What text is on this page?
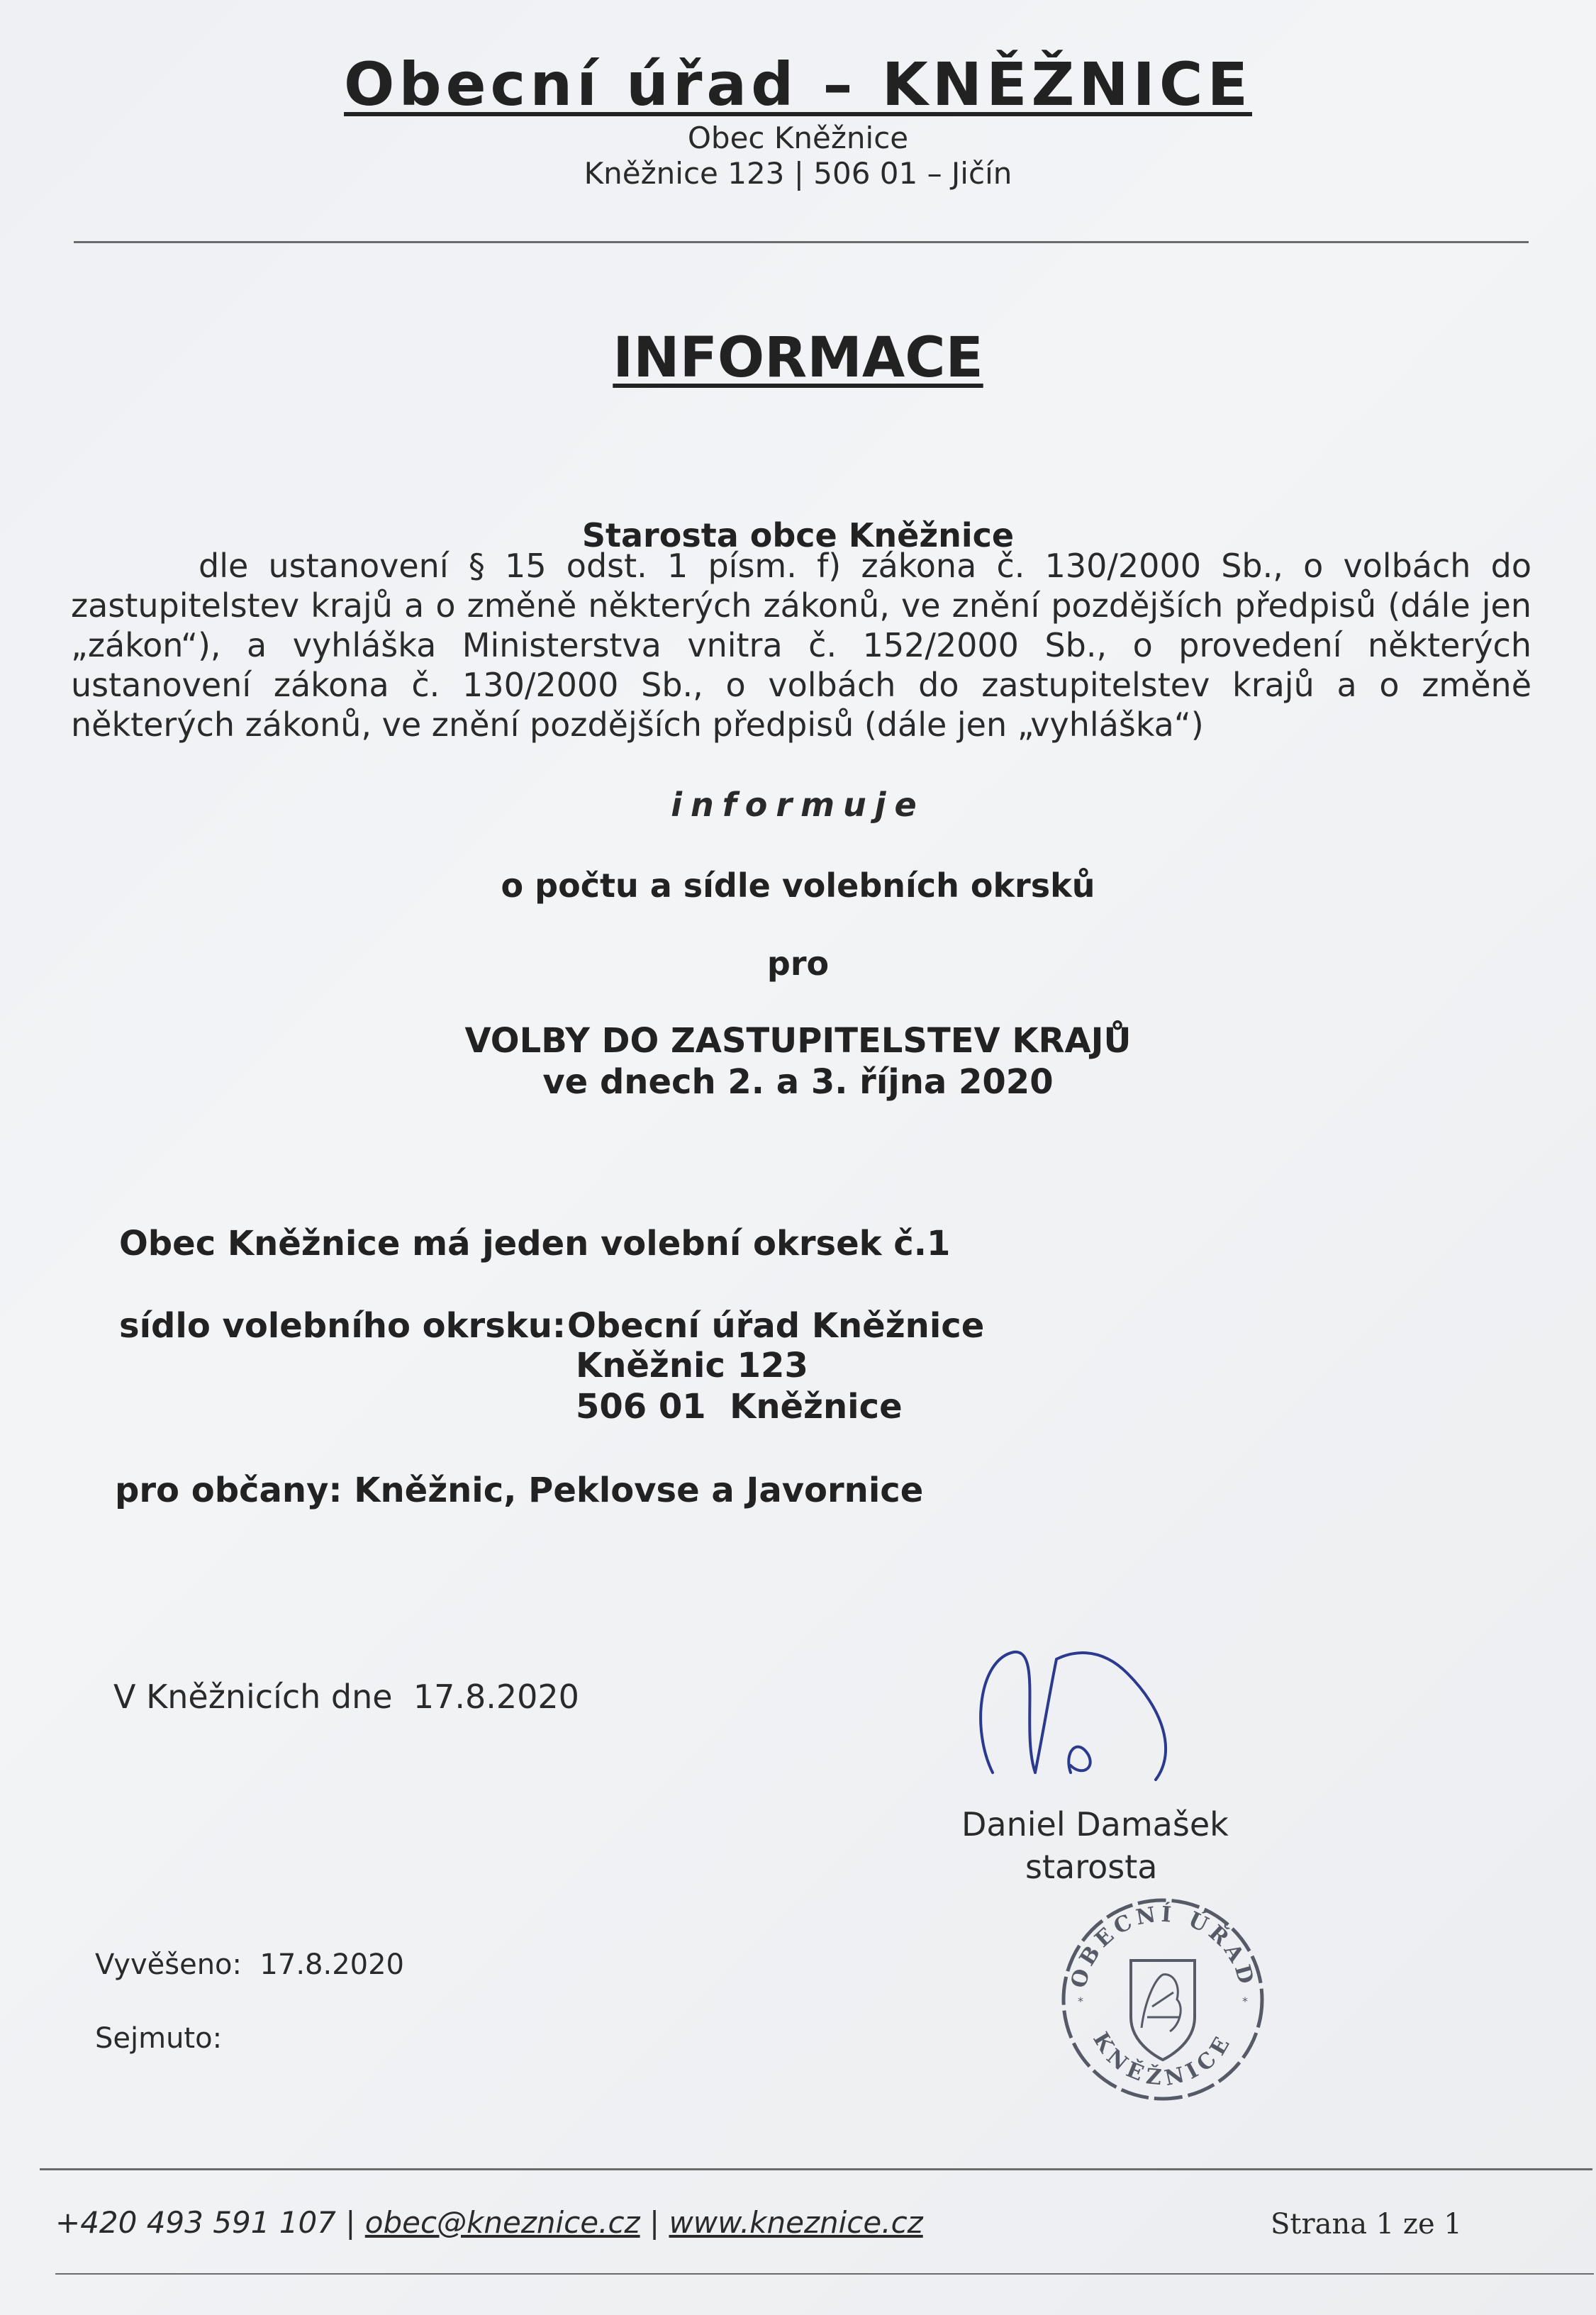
Obecní úřad – KNĚŽNICE
Obec Kněžnice
Kněžnice 123 | 506 01 – Jičín
INFORMACE
Starosta obce Kněžnice
dle ustanovení § 15 odst. 1 písm. f) zákona č. 130/2000 Sb., o volbách do zastupitelstev krajů a o změně některých zákonů, ve znění pozdějších předpisů (dále jen „zákon“), a vyhláška Ministerstva vnitra č. 152/2000 Sb., o provedení některých ustanovení zákona č. 130/2000 Sb., o volbách do zastupitelstev krajů a o změně některých zákonů, ve znění pozdějších předpisů (dále jen „vyhláška“)
informuje
o počtu a sídle volebních okrsků
pro
VOLBY DO ZASTUPITELSTEV KRAJŮ
ve dnech 2. a 3. října 2020
Obec Kněžnice má jeden volební okrsek č.1
sídlo volebního okrsku: Obecní úřad Kněžnice
Kněžnic 123
506 01  Kněžnice
pro občany: Kněžnic, Peklovse a Javornice
V Kněžnicích dne  17.8.2020
Daniel Damašek
starosta
Vyvěšeno:  17.8.2020
Sejmuto:
OBECNÍ ÚŘAD
KNĚŽNICE
*	*
+420 493 591 107 | obec@kneznice.cz | www.kneznice.cz	Strana 1 ze 1
